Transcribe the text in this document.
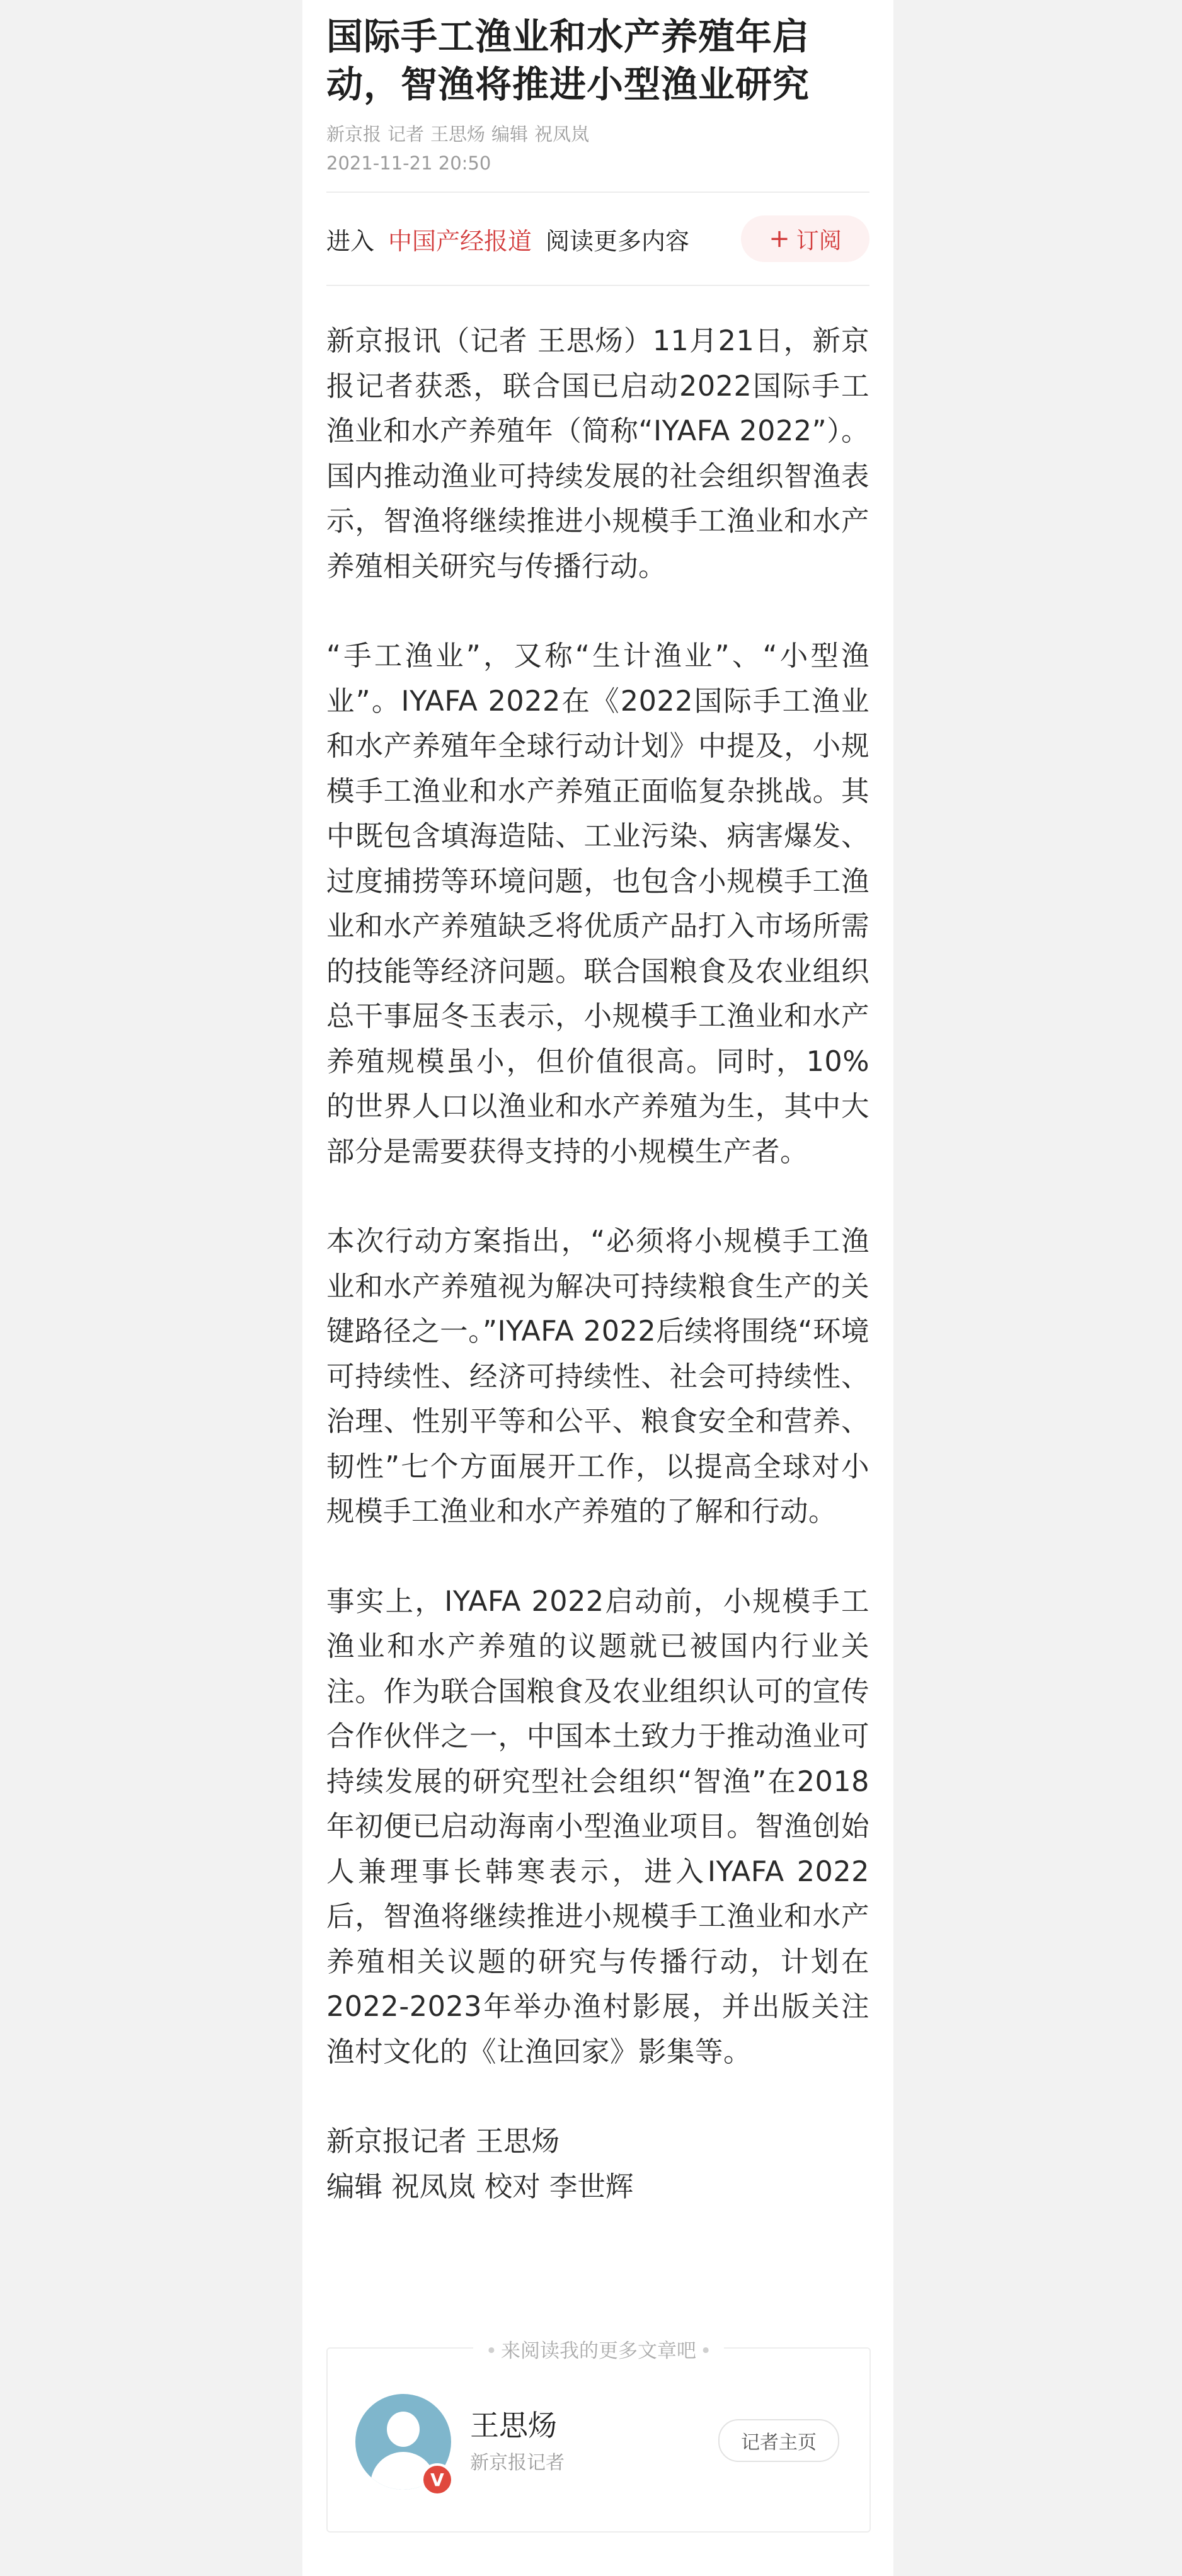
国际手工渔业和水产养殖年启动，智渔将推进小型渔业研究
新京报 记者 王思炀 编辑 祝凤岚
2021-11-21 20:50
进入 中国产经报道 阅读更多内容	+ 订阅

新京报讯（记者 王思炀）11月21日，新京报记者获悉，联合国已启动2022国际手工渔业和水产养殖年（简称“IYAFA 2022”）。国内推动渔业可持续发展的社会组织智渔表示，智渔将继续推进小规模手工渔业和水产养殖相关研究与传播行动。

“手工渔业”，又称“生计渔业”、“小型渔业”。IYAFA 2022在《2022国际手工渔业和水产养殖年全球行动计划》中提及，小规模手工渔业和水产养殖正面临复杂挑战。其中既包含填海造陆、工业污染、病害爆发、过度捕捞等环境问题，也包含小规模手工渔业和水产养殖缺乏将优质产品打入市场所需的技能等经济问题。联合国粮食及农业组织总干事屈冬玉表示，小规模手工渔业和水产养殖规模虽小，但价值很高。同时，10%的世界人口以渔业和水产养殖为生，其中大部分是需要获得支持的小规模生产者。

本次行动方案指出，“必须将小规模手工渔业和水产养殖视为解决可持续粮食生产的关键路径之一。”IYAFA 2022后续将围绕“环境可持续性、经济可持续性、社会可持续性、治理、性别平等和公平、粮食安全和营养、韧性”七个方面展开工作，以提高全球对小规模手工渔业和水产养殖的了解和行动。

事实上，IYAFA 2022启动前，小规模手工渔业和水产养殖的议题就已被国内行业关注。作为联合国粮食及农业组织认可的宣传合作伙伴之一，中国本土致力于推动渔业可持续发展的研究型社会组织“智渔”在2018年初便已启动海南小型渔业项目。智渔创始人兼理事长韩寒表示，进入IYAFA 2022后，智渔将继续推进小规模手工渔业和水产养殖相关议题的研究与传播行动，计划在2022-2023年举办渔村影展，并出版关注渔村文化的《让渔回家》影集等。

新京报记者 王思炀
编辑 祝凤岚 校对 李世辉
• 来阅读我的更多文章吧 •
V
王思炀
新京报记者
记者主页
